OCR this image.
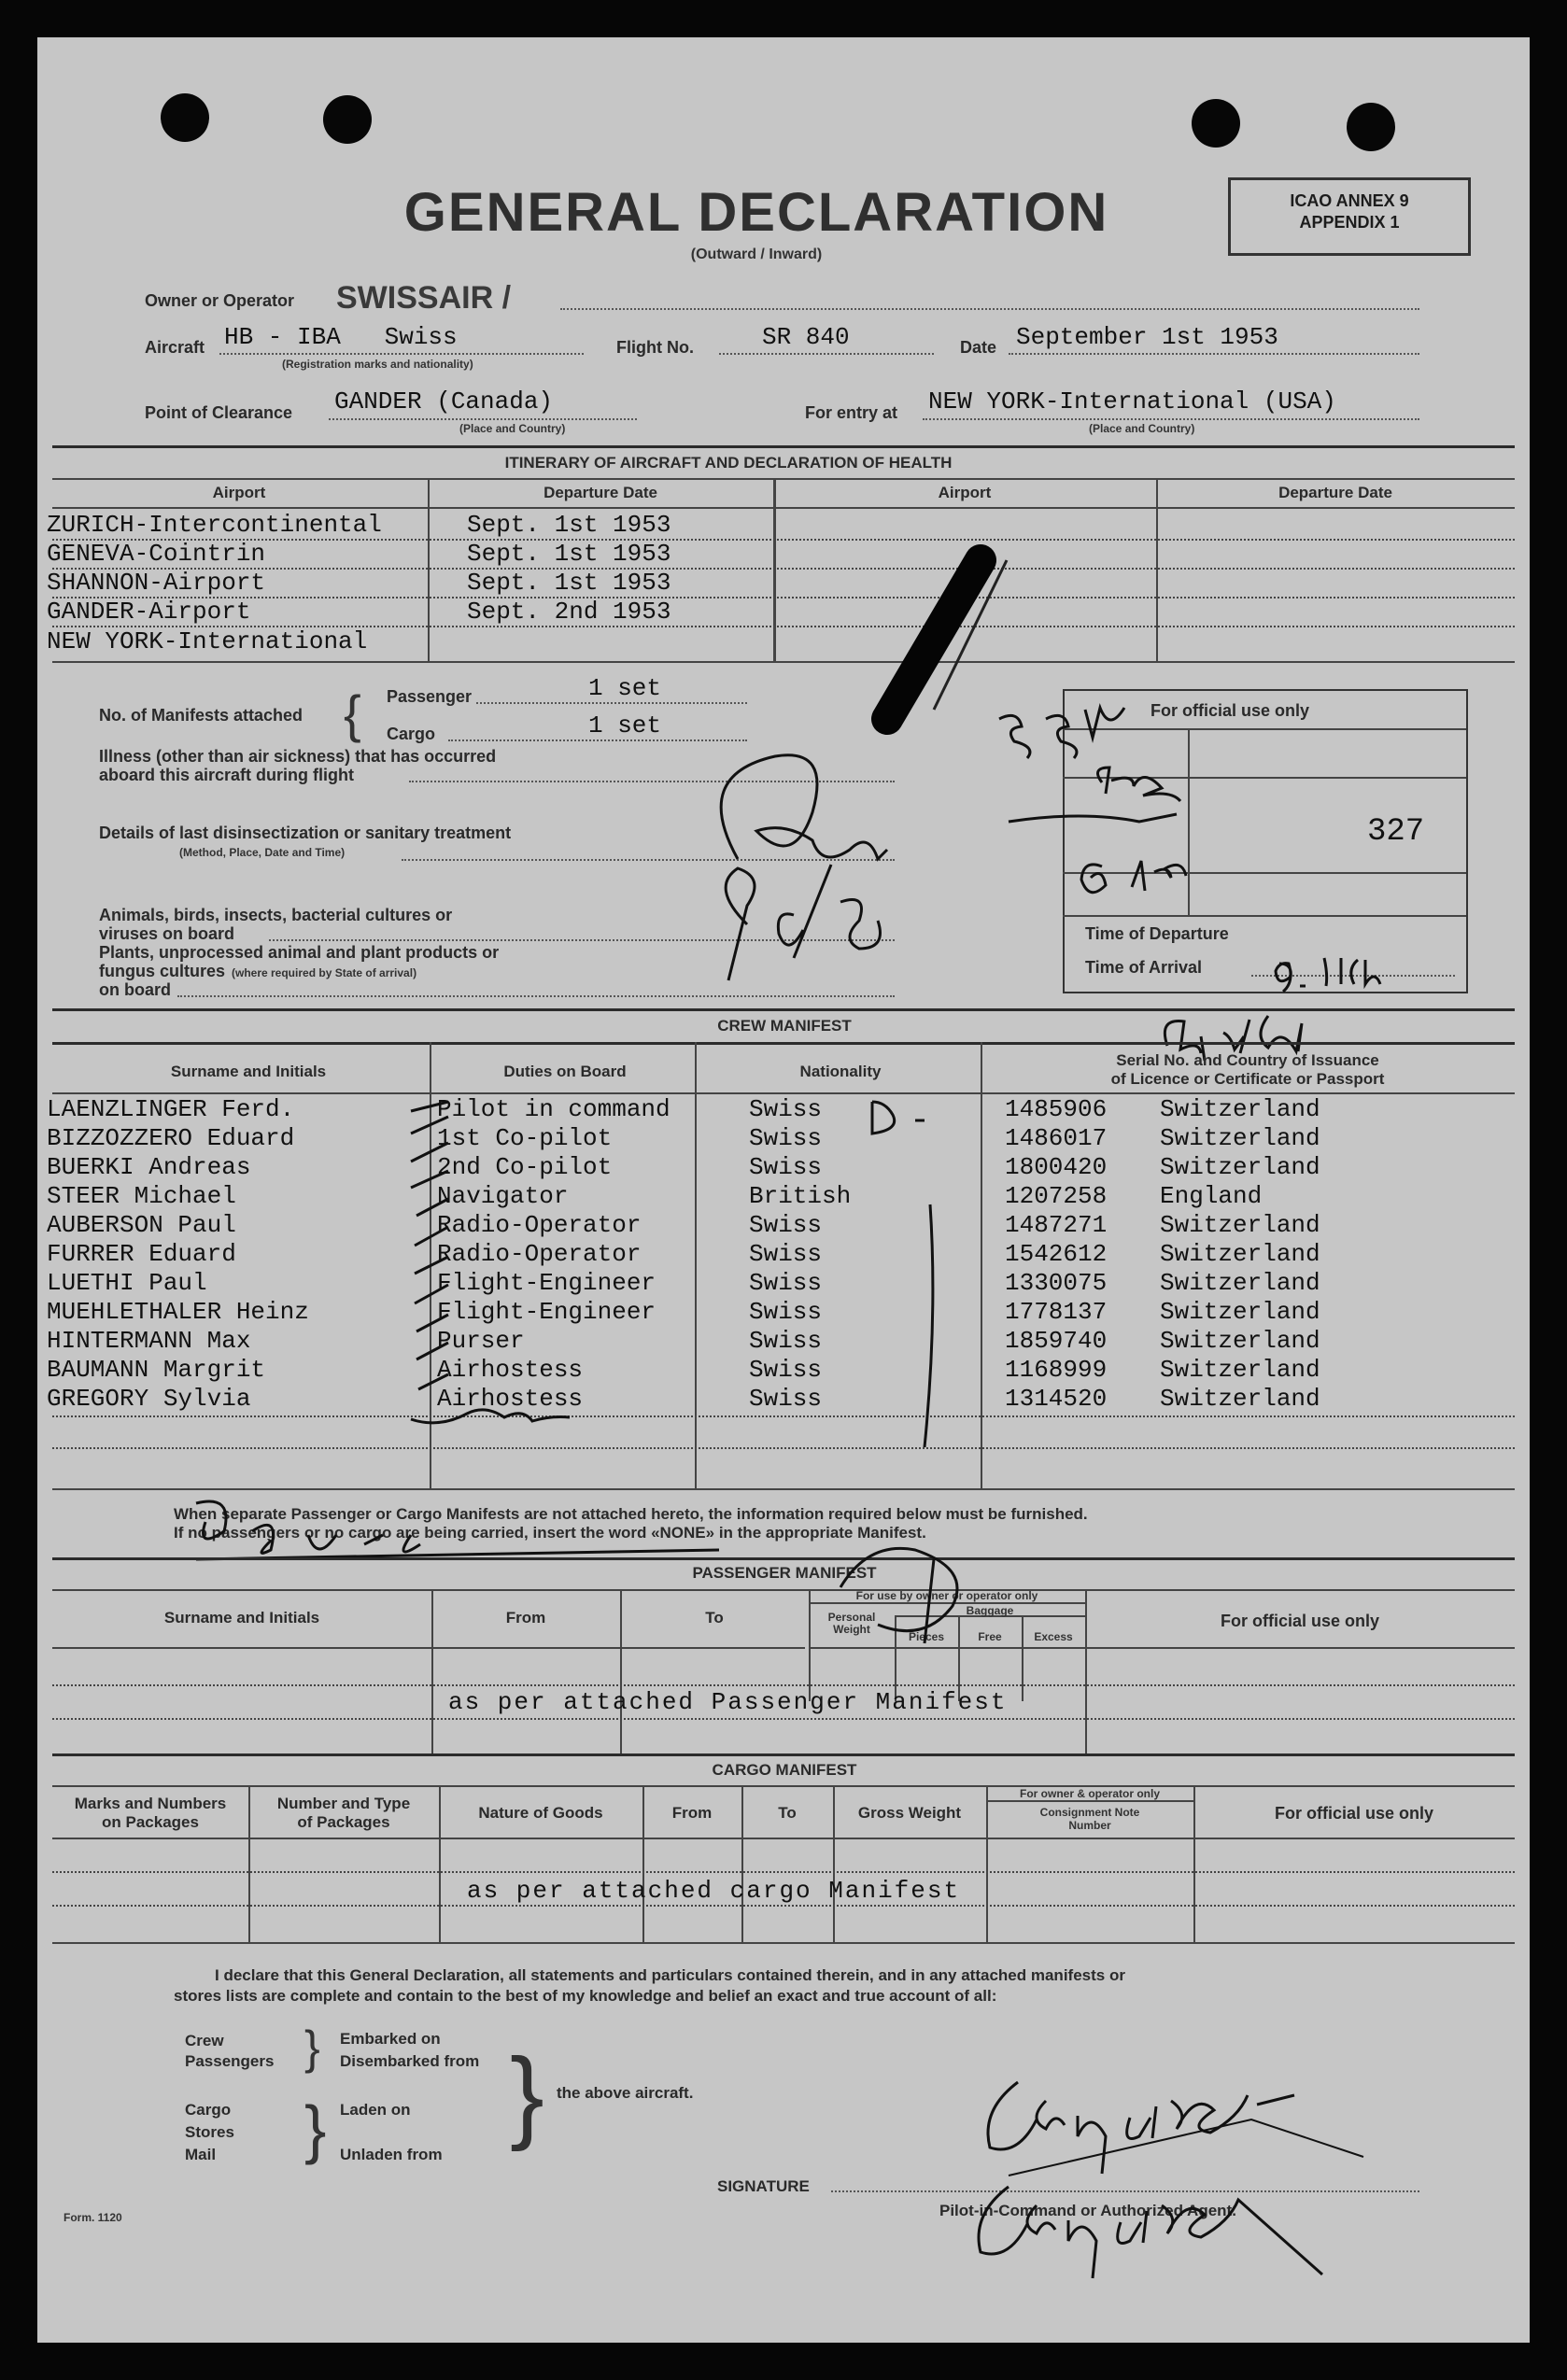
GENERAL DECLARATION
(Outward / Inward)
ICAO ANNEX 9
APPENDIX 1
Owner or Operator SWISSAIR /
Aircraft HB - IBA   Swiss
(Registration marks and nationality)
Flight No.	SR 840	Date September 1st 1953
Point of Clearance GANDER (Canada)
(Place and Country)
For entry at NEW YORK-International (USA)
(Place and Country)
ITINERARY OF AIRCRAFT AND DECLARATION OF HEALTH
Airport	Departure Date	Airport	Departure Date
ZURICH-Intercontinental	Sept. 1st 1953
GENEVA-Cointrin	Sept. 1st 1953
SHANNON-Airport	Sept. 1st 1953
GANDER-Airport	Sept. 2nd 1953
NEW YORK-International
No. of Manifests attached { Passenger	1 set
Cargo	1 set
Illness (other than air sickness) that has occurred
aboard this aircraft during flight
Details of last disinsectization or sanitary treatment
(Method, Place, Date and Time)
Animals, birds, insects, bacterial cultures or
viruses on board
Plants, unprocessed animal and plant products or
fungus cultures (where required by State of arrival)
on board
For official use only
Time of Departure
Time of Arrival
327
CREW MANIFEST
Surname and Initials	Duties on Board	Nationality
Serial No. and Country of Issuance
of Licence or Certificate or Passport
LAENZLINGER Ferd.	Pilot in command	Swiss	1485906 Switzerland
BIZZOZZERO Eduard	1st Co-pilot	Swiss	1486017 Switzerland
BUERKI Andreas	2nd Co-pilot	Swiss	1800420 Switzerland
STEER Michael	Navigator	British	1207258 England
AUBERSON Paul	Radio-Operator	Swiss	1487271 Switzerland
FURRER Eduard	Radio-Operator	Swiss	1542612 Switzerland
LUETHI Paul	Flight-Engineer	Swiss	1330075 Switzerland
MUEHLETHALER Heinz	Flight-Engineer	Swiss	1778137 Switzerland
HINTERMANN Max	Purser	Swiss	1859740 Switzerland
BAUMANN Margrit	Airhostess	Swiss	1168999 Switzerland
GREGORY Sylvia	Airhostess	Swiss	1314520 Switzerland
When separate Passenger or Cargo Manifests are not attached hereto, the information required below must be furnished.
If no passengers or no cargo are being carried, insert the word «NONE» in the appropriate Manifest.
PASSENGER MANIFEST
Surname and Initials	From	To
For use by owner or operator only
Personal Weight
Baggage
Pieces	Free	Excess
For official use only
as per attached Passenger Manifest
CARGO MANIFEST
Marks and Numbers
on Packages
Number and Type
of Packages
Nature of Goods	From	To	Gross Weight
For owner & operator only
Consignment Note
Number
For official use only
as per attached cargo Manifest
I declare that this General Declaration, all statements and particulars contained therein, and in any attached manifests or
stores lists are complete and contain to the best of my knowledge and belief an exact and true account of all:
Crew
Passengers } Embarked on
Disembarked from
Cargo
Stores
Mail } Laden on
Unladen from
} the above aircraft.
SIGNATURE
Pilot-in-Command or Authorized Agent.
Form. 1120
